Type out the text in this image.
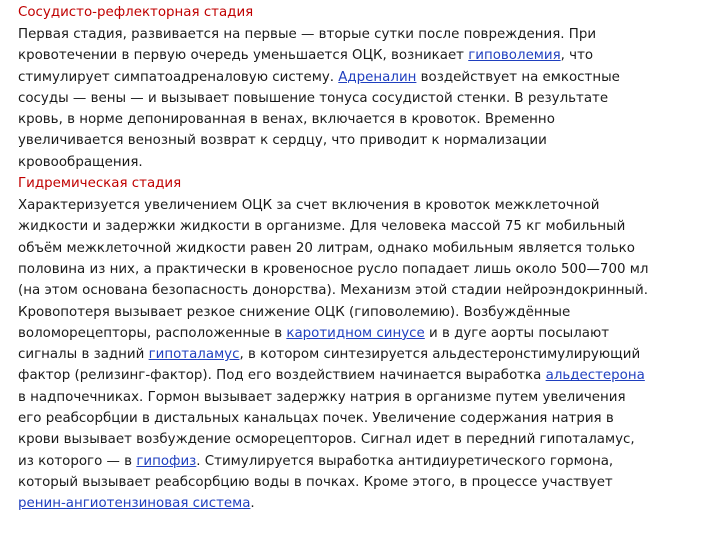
Сосудисто-рефлекторная стадия
Первая стадия, развивается на первые — вторые сутки после повреждения. При
кровотечении в первую очередь уменьшается ОЦК, возникает гиповолемия, что
стимулирует симпатоадреналовую систему. Адреналин воздействует на емкостные
сосуды — вены — и вызывает повышение тонуса сосудистой стенки. В результате
кровь, в норме депонированная в венах, включается в кровоток. Временно
увеличивается венозный возврат к сердцу, что приводит к нормализации
кровообращения.
Гидремическая стадия
Характеризуется увеличением ОЦК за счет включения в кровоток межклеточной
жидкости и задержки жидкости в организме. Для человека массой 75 кг мобильный
объём межклеточной жидкости равен 20 литрам, однако мобильным является только
половина из них, а практически в кровеносное русло попадает лишь около 500—700 мл
(на этом основана безопасность донорства). Механизм этой стадии нейроэндокринный.
Кровопотеря вызывает резкое снижение ОЦК (гиповолемию). Возбуждённые
воломорецепторы, расположенные в каротидном синусе и в дуге аорты посылают
сигналы в задний гипоталамус, в котором синтезируется альдестеронстимулирующий
фактор (релизинг-фактор). Под его воздействием начинается выработка альдестерона
в надпочечниках. Гормон вызывает задержку натрия в организме путем увеличения
его реабсорбции в дистальных канальцах почек. Увеличение содержания натрия в
крови вызывает возбуждение осморецепторов. Сигнал идет в передний гипоталамус,
из которого — в гипофиз. Стимулируется выработка антидиуретического гормона,
который вызывает реабсорбцию воды в почках. Кроме этого, в процессе участвует
ренин-ангиотензиновая система.
